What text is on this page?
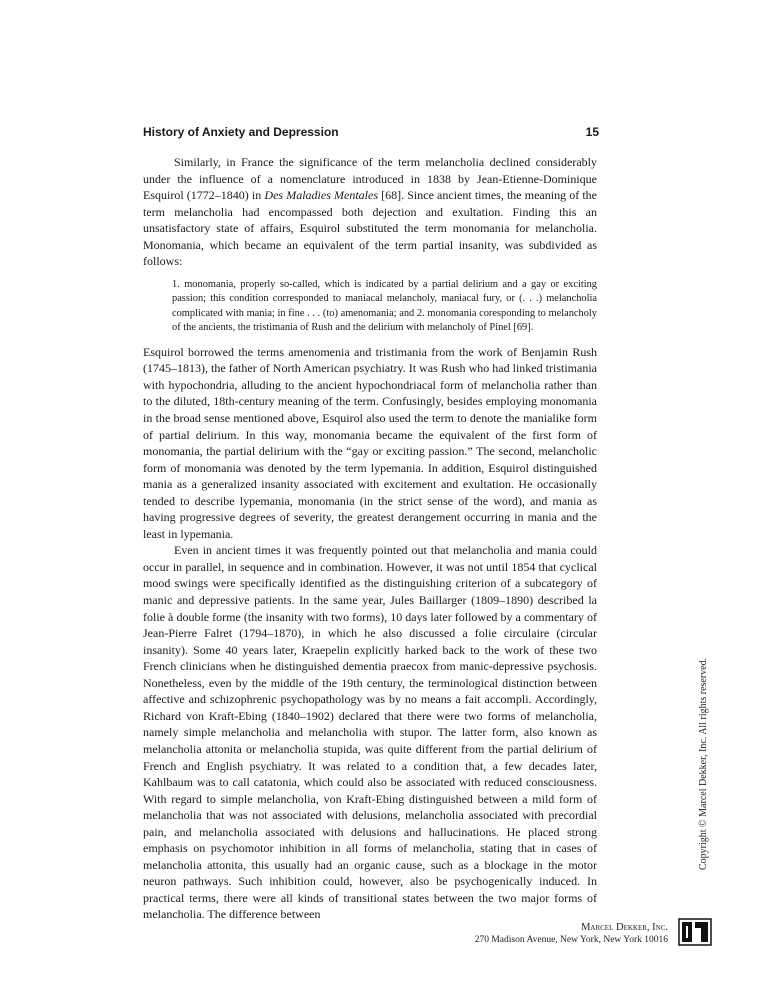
History of Anxiety and Depression	15

Similarly, in France the significance of the term melancholia declined considerably under the influence of a nomenclature introduced in 1838 by Jean-Etienne-Dominique Esquirol (1772–1840) in Des Maladies Mentales [68]. Since ancient times, the meaning of the term melancholia had encompassed both dejection and exultation. Finding this an unsatisfactory state of affairs, Esquirol substituted the term monomania for melancholia. Monomania, which became an equivalent of the term partial insanity, was subdivided as follows:

1. monomania, properly so-called, which is indicated by a partial delirium and a gay or exciting passion; this condition corresponded to maniacal melancholy, maniacal fury, or (. . .) melancholia complicated with mania; in fine . . . (to) amenomania; and 2. monomania coresponding to melancholy of the ancients, the tristimania of Rush and the delirium with melancholy of Pinel [69].

Esquirol borrowed the terms amenomenia and tristimania from the work of Benjamin Rush (1745–1813), the father of North American psychiatry. It was Rush who had linked tristimania with hypochondria, alluding to the ancient hypochondriacal form of melancholia rather than to the diluted, 18th-century meaning of the term. Confusingly, besides employing monomania in the broad sense mentioned above, Esquirol also used the term to denote the manialike form of partial delirium. In this way, monomania became the equivalent of the first form of monomania, the partial delirium with the “gay or exciting passion.” The second, melancholic form of monomania was denoted by the term lypemania. In addition, Esquirol distinguished mania as a generalized insanity associated with excitement and exultation. He occasionally tended to describe lypemania, monomania (in the strict sense of the word), and mania as having progressive degrees of severity, the greatest derangement occurring in mania and the least in lypemania.

Even in ancient times it was frequently pointed out that melancholia and mania could occur in parallel, in sequence and in combination. However, it was not until 1854 that cyclical mood swings were specifically identified as the distinguishing criterion of a subcategory of manic and depressive patients. In the same year, Jules Baillarger (1809–1890) described la folie à double forme (the insanity with two forms), 10 days later followed by a commentary of Jean-Pierre Falret (1794–1870), in which he also discussed a folie circulaire (circular insanity). Some 40 years later, Kraepelin explicitly harked back to the work of these two French clinicians when he distinguished dementia praecox from manic-depressive psychosis. Nonetheless, even by the middle of the 19th century, the terminological distinction between affective and schizophrenic psychopathology was by no means a fait accompli. Accordingly, Richard von Kraft-Ebing (1840–1902) declared that there were two forms of melancholia, namely simple melancholia and melancholia with stupor. The latter form, also known as melancholia attonita or melancholia stupida, was quite different from the partial delirium of French and English psychiatry. It was related to a condition that, a few decades later, Kahlbaum was to call catatonia, which could also be associated with reduced consciousness. With regard to simple melancholia, von Kraft-Ebing distinguished between a mild form of melancholia that was not associated with delusions, melancholia associated with precordial pain, and melancholia associated with delusions and hallucinations. He placed strong emphasis on psychomotor inhibition in all forms of melancholia, stating that in cases of melancholia attonita, this usually had an organic cause, such as a blockage in the motor neuron pathways. Such inhibition could, however, also be psychogenically induced. In practical terms, there were all kinds of transitional states between the two major forms of melancholia. The difference between

Copyright © Marcel Dekker, Inc. All rights reserved.
Marcel Dekker, Inc.
270 Madison Avenue, New York, New York 10016
